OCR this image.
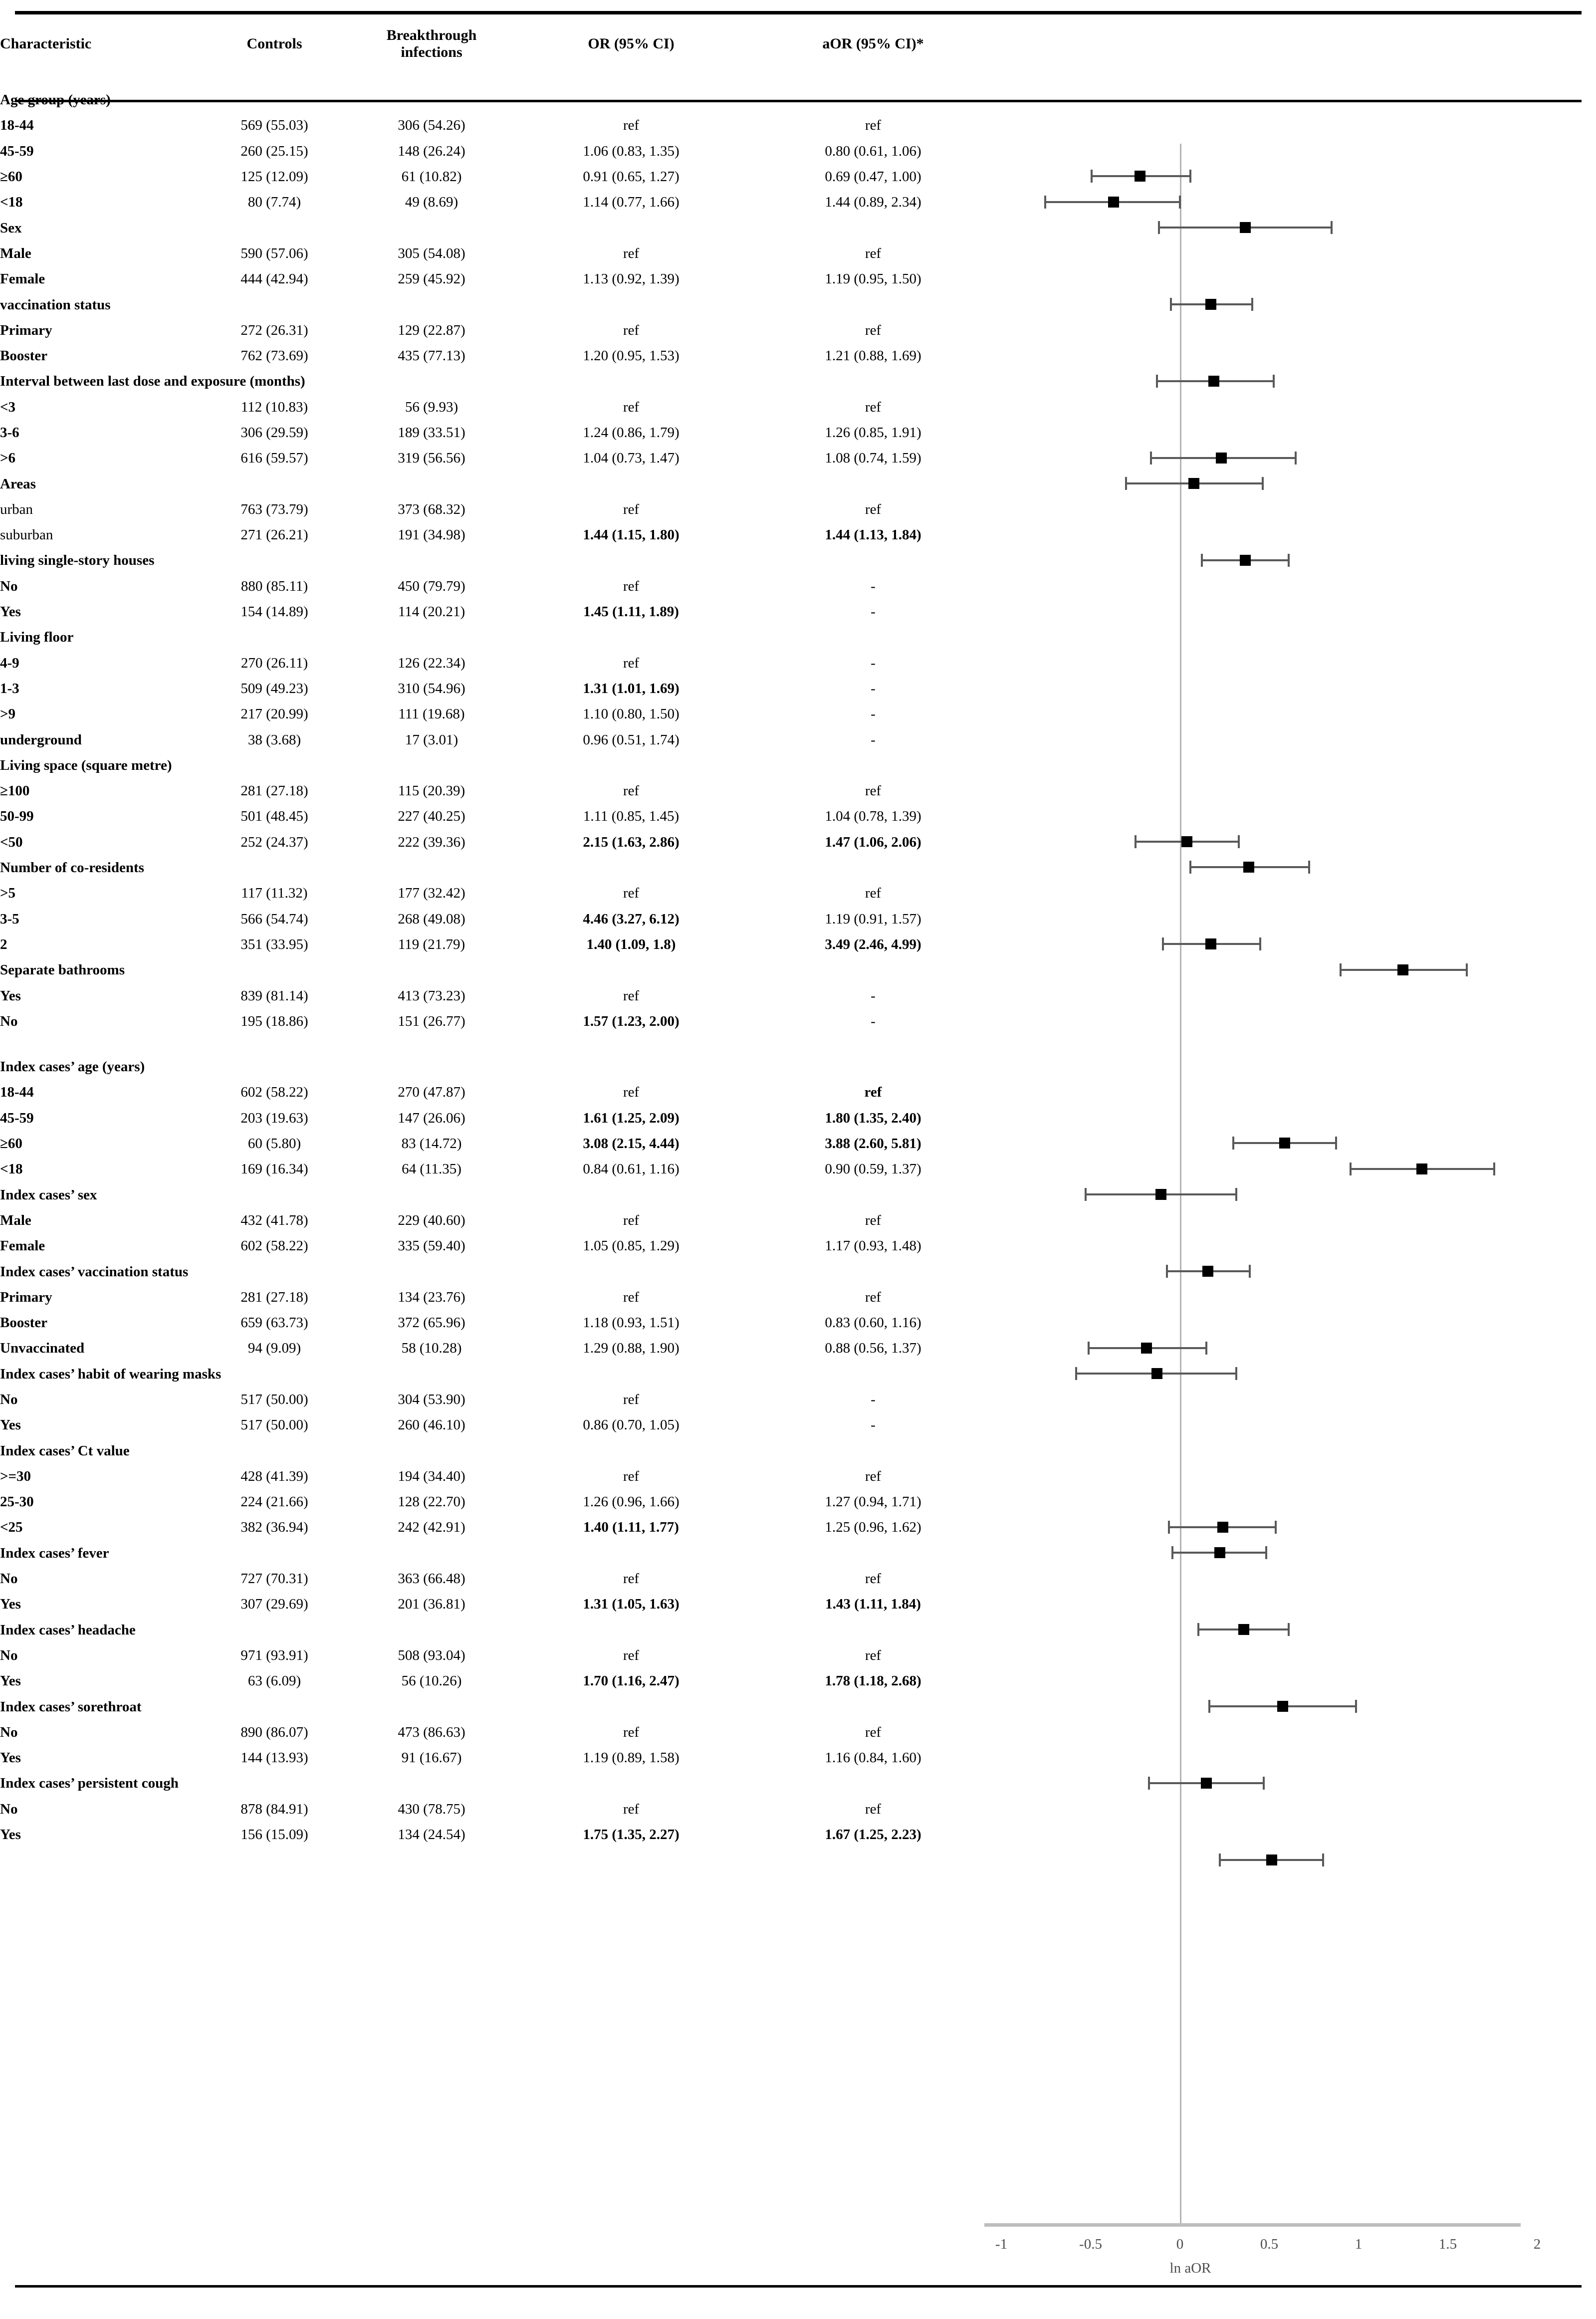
Characteristic	Controls	Breakthrough
infections	OR (95% CI)	aOR (95% CI)*
Age group (years)				
18-44	569 (55.03)	306 (54.26)	ref	ref
45-59	260 (25.15)	148 (26.24)	1.06 (0.83, 1.35)	0.80 (0.61, 1.06)
≥60	125 (12.09)	61 (10.82)	0.91 (0.65, 1.27)	0.69 (0.47, 1.00)
<18	80 (7.74)	49 (8.69)	1.14 (0.77, 1.66)	1.44 (0.89, 2.34)
Sex				
Male	590 (57.06)	305 (54.08)	ref	ref
Female	444 (42.94)	259 (45.92)	1.13 (0.92, 1.39)	1.19 (0.95, 1.50)
vaccination status				
Primary	272 (26.31)	129 (22.87)	ref	ref
Booster	762 (73.69)	435 (77.13)	1.20 (0.95, 1.53)	1.21 (0.88, 1.69)
Interval between last dose and exposure (months)				
<3	112 (10.83)	56 (9.93)	ref	ref
3-6	306 (29.59)	189 (33.51)	1.24 (0.86, 1.79)	1.26 (0.85, 1.91)
>6	616 (59.57)	319 (56.56)	1.04 (0.73, 1.47)	1.08 (0.74, 1.59)
Areas				
urban	763 (73.79)	373 (68.32)	ref	ref
suburban	271 (26.21)	191 (34.98)	1.44 (1.15, 1.80)	1.44 (1.13, 1.84)
living single-story houses				
No	880 (85.11)	450 (79.79)	ref	-
Yes	154 (14.89)	114 (20.21)	1.45 (1.11, 1.89)	-
Living floor				
4-9	270 (26.11)	126 (22.34)	ref	-
1-3	509 (49.23)	310 (54.96)	1.31 (1.01, 1.69)	-
>9	217 (20.99)	111 (19.68)	1.10 (0.80, 1.50)	-
underground	38 (3.68)	17 (3.01)	0.96 (0.51, 1.74)	-
Living space (square metre)				
≥100	281 (27.18)	115 (20.39)	ref	ref
50-99	501 (48.45)	227 (40.25)	1.11 (0.85, 1.45)	1.04 (0.78, 1.39)
<50	252 (24.37)	222 (39.36)	2.15 (1.63, 2.86)	1.47 (1.06, 2.06)
Number of co-residents				
>5	117 (11.32)	177 (32.42)	ref	ref
3-5	566 (54.74)	268 (49.08)	4.46 (3.27, 6.12)	1.19 (0.91, 1.57)
2	351 (33.95)	119 (21.79)	1.40 (1.09, 1.8)	3.49 (2.46, 4.99)
Separate bathrooms				
Yes	839 (81.14)	413 (73.23)	ref	-
No	195 (18.86)	151 (26.77)	1.57 (1.23, 2.00)	-

Index cases’ age (years)				
18-44	602 (58.22)	270 (47.87)	ref	ref
45-59	203 (19.63)	147 (26.06)	1.61 (1.25, 2.09)	1.80 (1.35, 2.40)
≥60	60 (5.80)	83 (14.72)	3.08 (2.15, 4.44)	3.88 (2.60, 5.81)
<18	169 (16.34)	64 (11.35)	0.84 (0.61, 1.16)	0.90 (0.59, 1.37)
Index cases’ sex				
Male	432 (41.78)	229 (40.60)	ref	ref
Female	602 (58.22)	335 (59.40)	1.05 (0.85, 1.29)	1.17 (0.93, 1.48)
Index cases’ vaccination status				
Primary	281 (27.18)	134 (23.76)	ref	ref
Booster	659 (63.73)	372 (65.96)	1.18 (0.93, 1.51)	0.83 (0.60, 1.16)
Unvaccinated	94 (9.09)	58 (10.28)	1.29 (0.88, 1.90)	0.88 (0.56, 1.37)
Index cases’ habit of wearing masks				
No	517 (50.00)	304 (53.90)	ref	-
Yes	517 (50.00)	260 (46.10)	0.86 (0.70, 1.05)	-
Index cases’ Ct value				
>=30	428 (41.39)	194 (34.40)	ref	ref
25-30	224 (21.66)	128 (22.70)	1.26 (0.96, 1.66)	1.27 (0.94, 1.71)
<25	382 (36.94)	242 (42.91)	1.40 (1.11, 1.77)	1.25 (0.96, 1.62)
Index cases’ fever				
No	727 (70.31)	363 (66.48)	ref	ref
Yes	307 (29.69)	201 (36.81)	1.31 (1.05, 1.63)	1.43 (1.11, 1.84)
Index cases’ headache				
No	971 (93.91)	508 (93.04)	ref	ref
Yes	63 (6.09)	56 (10.26)	1.70 (1.16, 2.47)	1.78 (1.18, 2.68)
Index cases’ sorethroat				
No	890 (86.07)	473 (86.63)	ref	ref
Yes	144 (13.93)	91 (16.67)	1.19 (0.89, 1.58)	1.16 (0.84, 1.60)
Index cases’ persistent cough				
No	878 (84.91)	430 (78.75)	ref	ref
Yes	156 (15.09)	134 (24.54)	1.75 (1.35, 2.27)	1.67 (1.25, 2.23)
-1	-0.5	0	0.5	1	1.5	2
ln aOR
